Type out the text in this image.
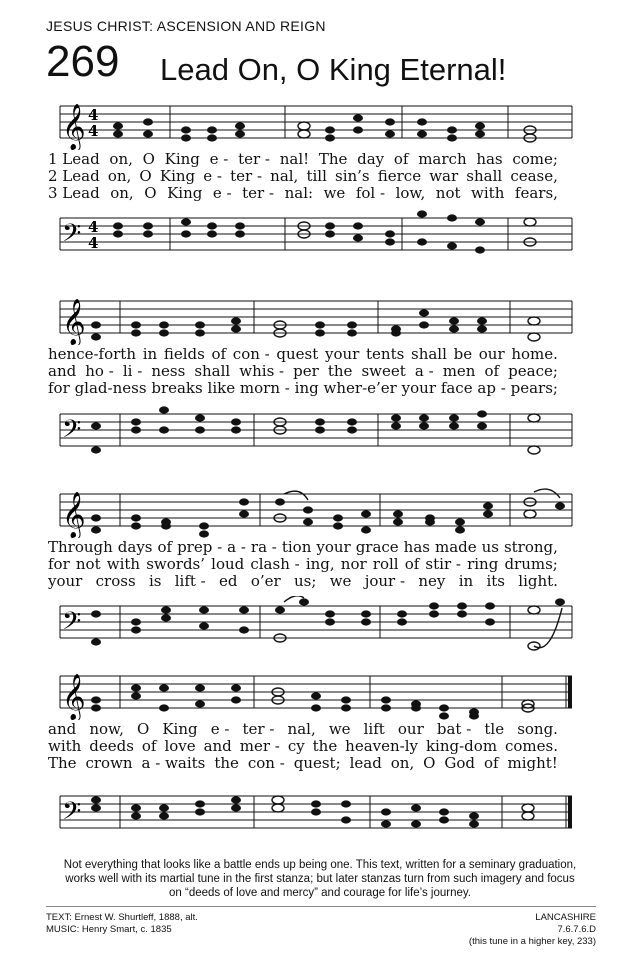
JESUS CHRIST: ASCENSION AND REIGN
269 Lead On, O King Eternal!
𝄞 4
4
1 Lead on, O King e - ter - nal! The day of march has come;
2 Lead on, O King e - ter - nal, till sin’s fierce war shall cease,
3 Lead on, O King e - ter - nal: we fol - low, not with fears,
𝄢 4
4
𝄞
hence-forth in fields of con - quest your tents shall be our home.
and ho - li - ness shall whis - per the sweet a - men of peace;
for glad-ness breaks like morn - ing wher-e’er your face ap - pears;
𝄢
𝄞
Through days of prep - a - ra - tion your grace has made us strong,
for not with swords’ loud clash - ing, nor roll of stir - ring drums;
your cross is lift - ed o’er us; we jour - ney in its light.
𝄢
𝄞
and now, O King e - ter - nal, we lift our bat - tle song.
with deeds of love and mer - cy the heaven-ly king-dom comes.
The crown a - waits the con - quest; lead on, O God of might!
𝄢
Not everything that looks like a battle ends up being one. This text, written for a seminary graduation, works well with its martial tune in the first stanza; but later stanzas turn from such imagery and focus on “deeds of love and mercy” and courage for life’s journey.
TEXT: Ernest W. Shurtleff, 1888, alt.
MUSIC: Henry Smart, c. 1835
LANCASHIRE
7.6.7.6.D
(this tune in a higher key, 233)
